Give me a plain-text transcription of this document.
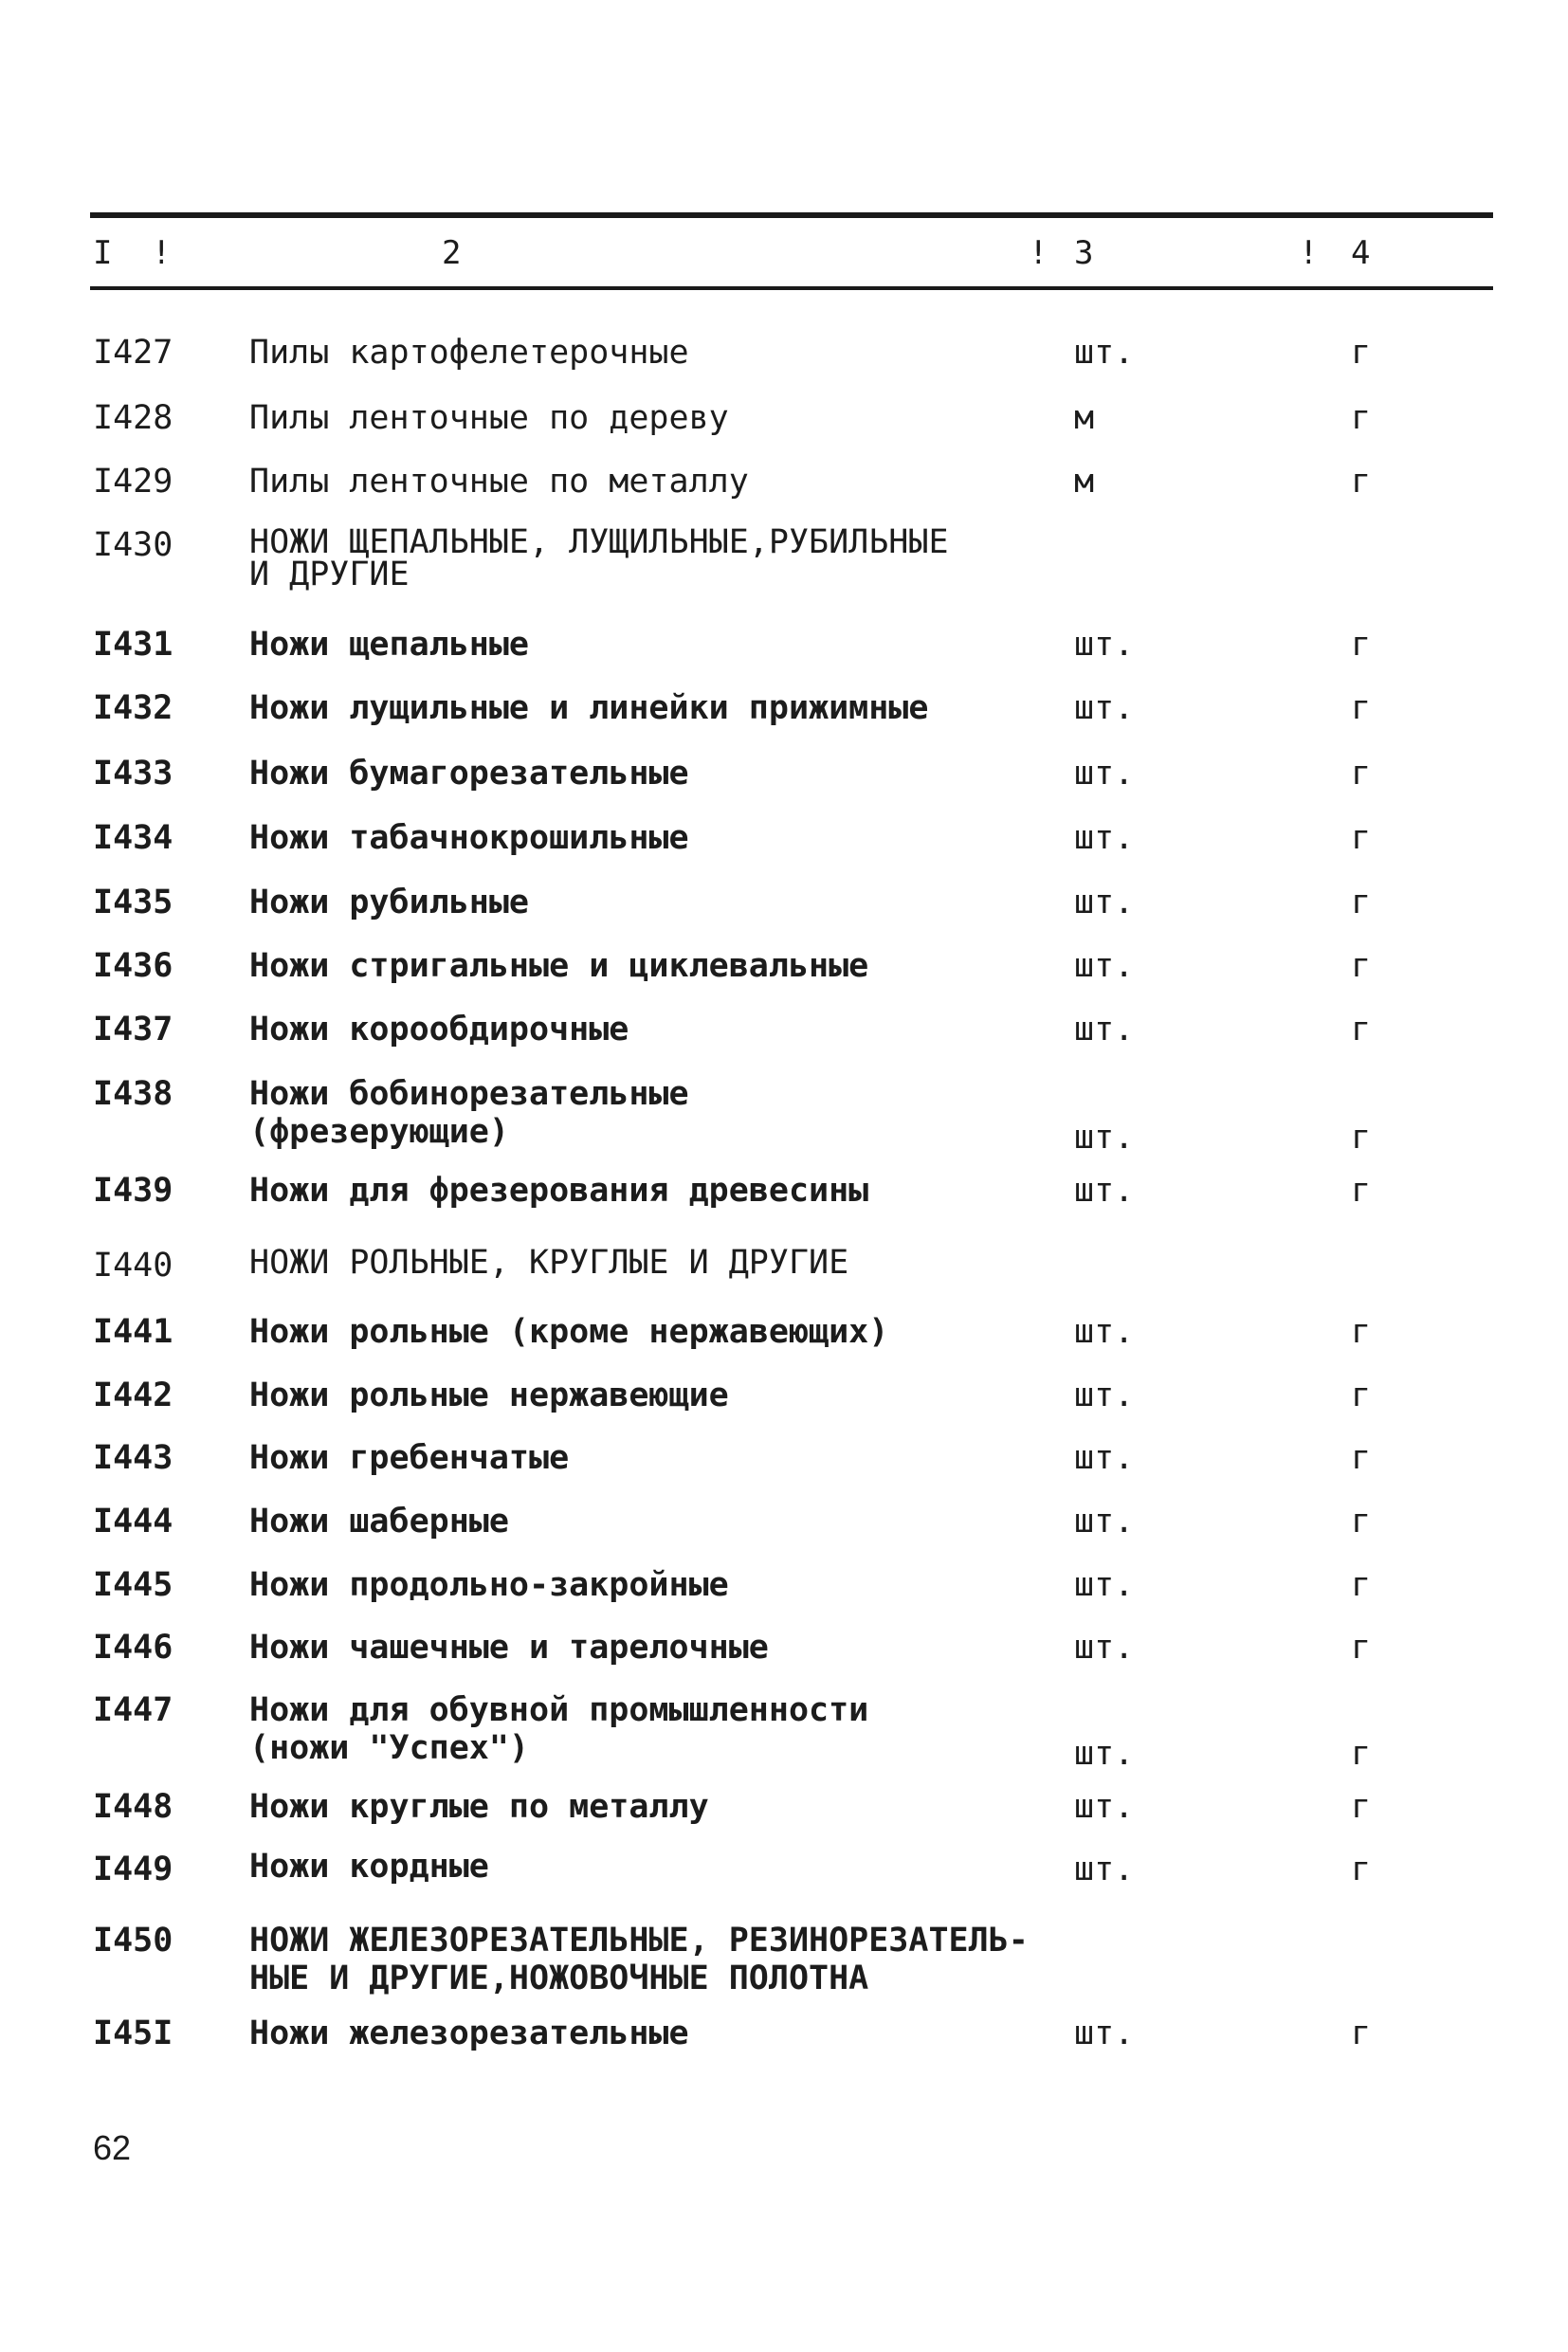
I !	2	! 3	! 4
I427 Пилы картофелетерочные	шт.	г
I428 Пилы ленточные по дереву	м	г
I429 Пилы ленточные по металлу	м	г
I430 НОЖИ ЩЕПАЛЬНЫЕ, ЛУЩИЛЬНЫЕ,РУБИЛЬНЫЕ
И ДРУГИЕ
I431 Ножи щепальные	шт.	г
I432 Ножи лущильные и линейки прижимные	шт.	г
I433 Ножи бумагорезательные	шт.	г
I434 Ножи табачнокрошильные	шт.	г
I435 Ножи рубильные	шт.	г
I436 Ножи стригальные и циклевальные	шт.	г
I437 Ножи корообдирочные	шт.	г
I438 Ножи бобинорезательные
(фрезерующие)	шт.	г
I439 Ножи для фрезерования древесины	шт.	г
I440 НОЖИ РОЛЬНЫЕ, КРУГЛЫЕ И ДРУГИЕ
I441 Ножи рольные (кроме нержавеющих)	шт.	г
I442 Ножи рольные нержавеющие	шт.	г
I443 Ножи гребенчатые	шт.	г
I444 Ножи шаберные	шт.	г
I445 Ножи продольно-закройные	шт.	г
I446 Ножи чашечные и тарелочные	шт.	г
I447 Ножи для обувной промышленности
(ножи "Успех")	шт.	г
I448 Ножи круглые по металлу	шт.	г
I449 Ножи кордные	шт.	г
I450 НОЖИ ЖЕЛЕЗОРЕЗАТЕЛЬНЫЕ, РЕЗИНОРЕЗАТЕЛЬ-
НЫЕ И ДРУГИЕ,НОЖОВОЧНЫЕ ПОЛОТНА
I45I Ножи железорезательные	шт.	г
62
